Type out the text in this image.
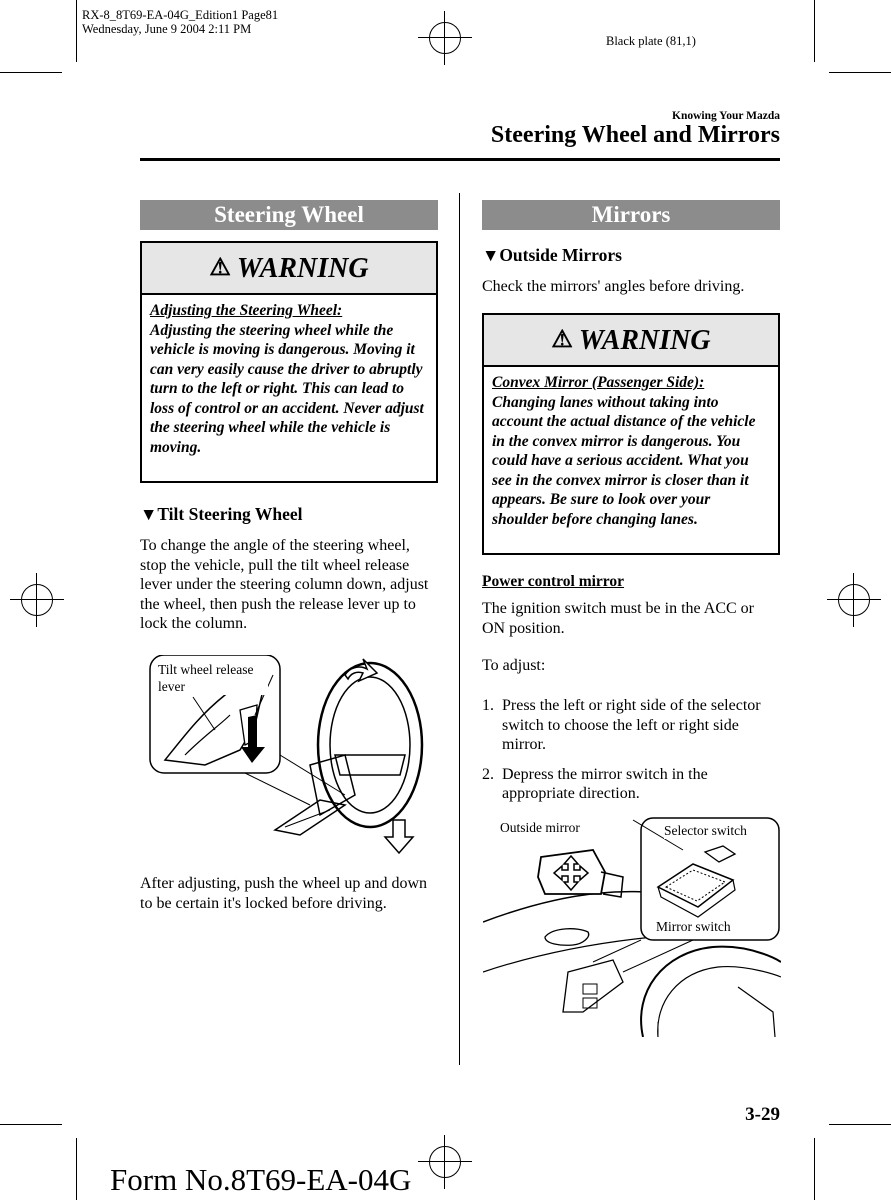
RX-8_8T69-EA-04G_Edition1 Page81
Wednesday, June 9 2004 2:11 PM
Black plate (81,1)
Knowing Your Mazda
Steering Wheel and Mirrors
Steering Wheel
⚠ WARNING
Adjusting the Steering Wheel:
Adjusting the steering wheel while the vehicle is moving is dangerous. Moving it can very easily cause the driver to abruptly turn to the left or right. This can lead to loss of control or an accident. Never adjust the steering wheel while the vehicle is moving.
▼Tilt Steering Wheel
To change the angle of the steering wheel, stop the vehicle, pull the tilt wheel release lever under the steering column down, adjust the wheel, then push the release lever up to lock the column.
Tilt wheel release lever
After adjusting, push the wheel up and down to be certain it's locked before driving.
Mirrors
▼Outside Mirrors
Check the mirrors' angles before driving.
⚠ WARNING
Convex Mirror (Passenger Side):
Changing lanes without taking into account the actual distance of the vehicle in the convex mirror is dangerous. You could have a serious accident. What you see in the convex mirror is closer than it appears. Be sure to look over your shoulder before changing lanes.
Power control mirror
The ignition switch must be in the ACC or ON position.
To adjust:
1. Press the left or right side of the selector switch to choose the left or right side mirror.
2. Depress the mirror switch in the appropriate direction.
Outside mirror	Selector switch
Mirror switch
3-29
Form No.8T69-EA-04G
